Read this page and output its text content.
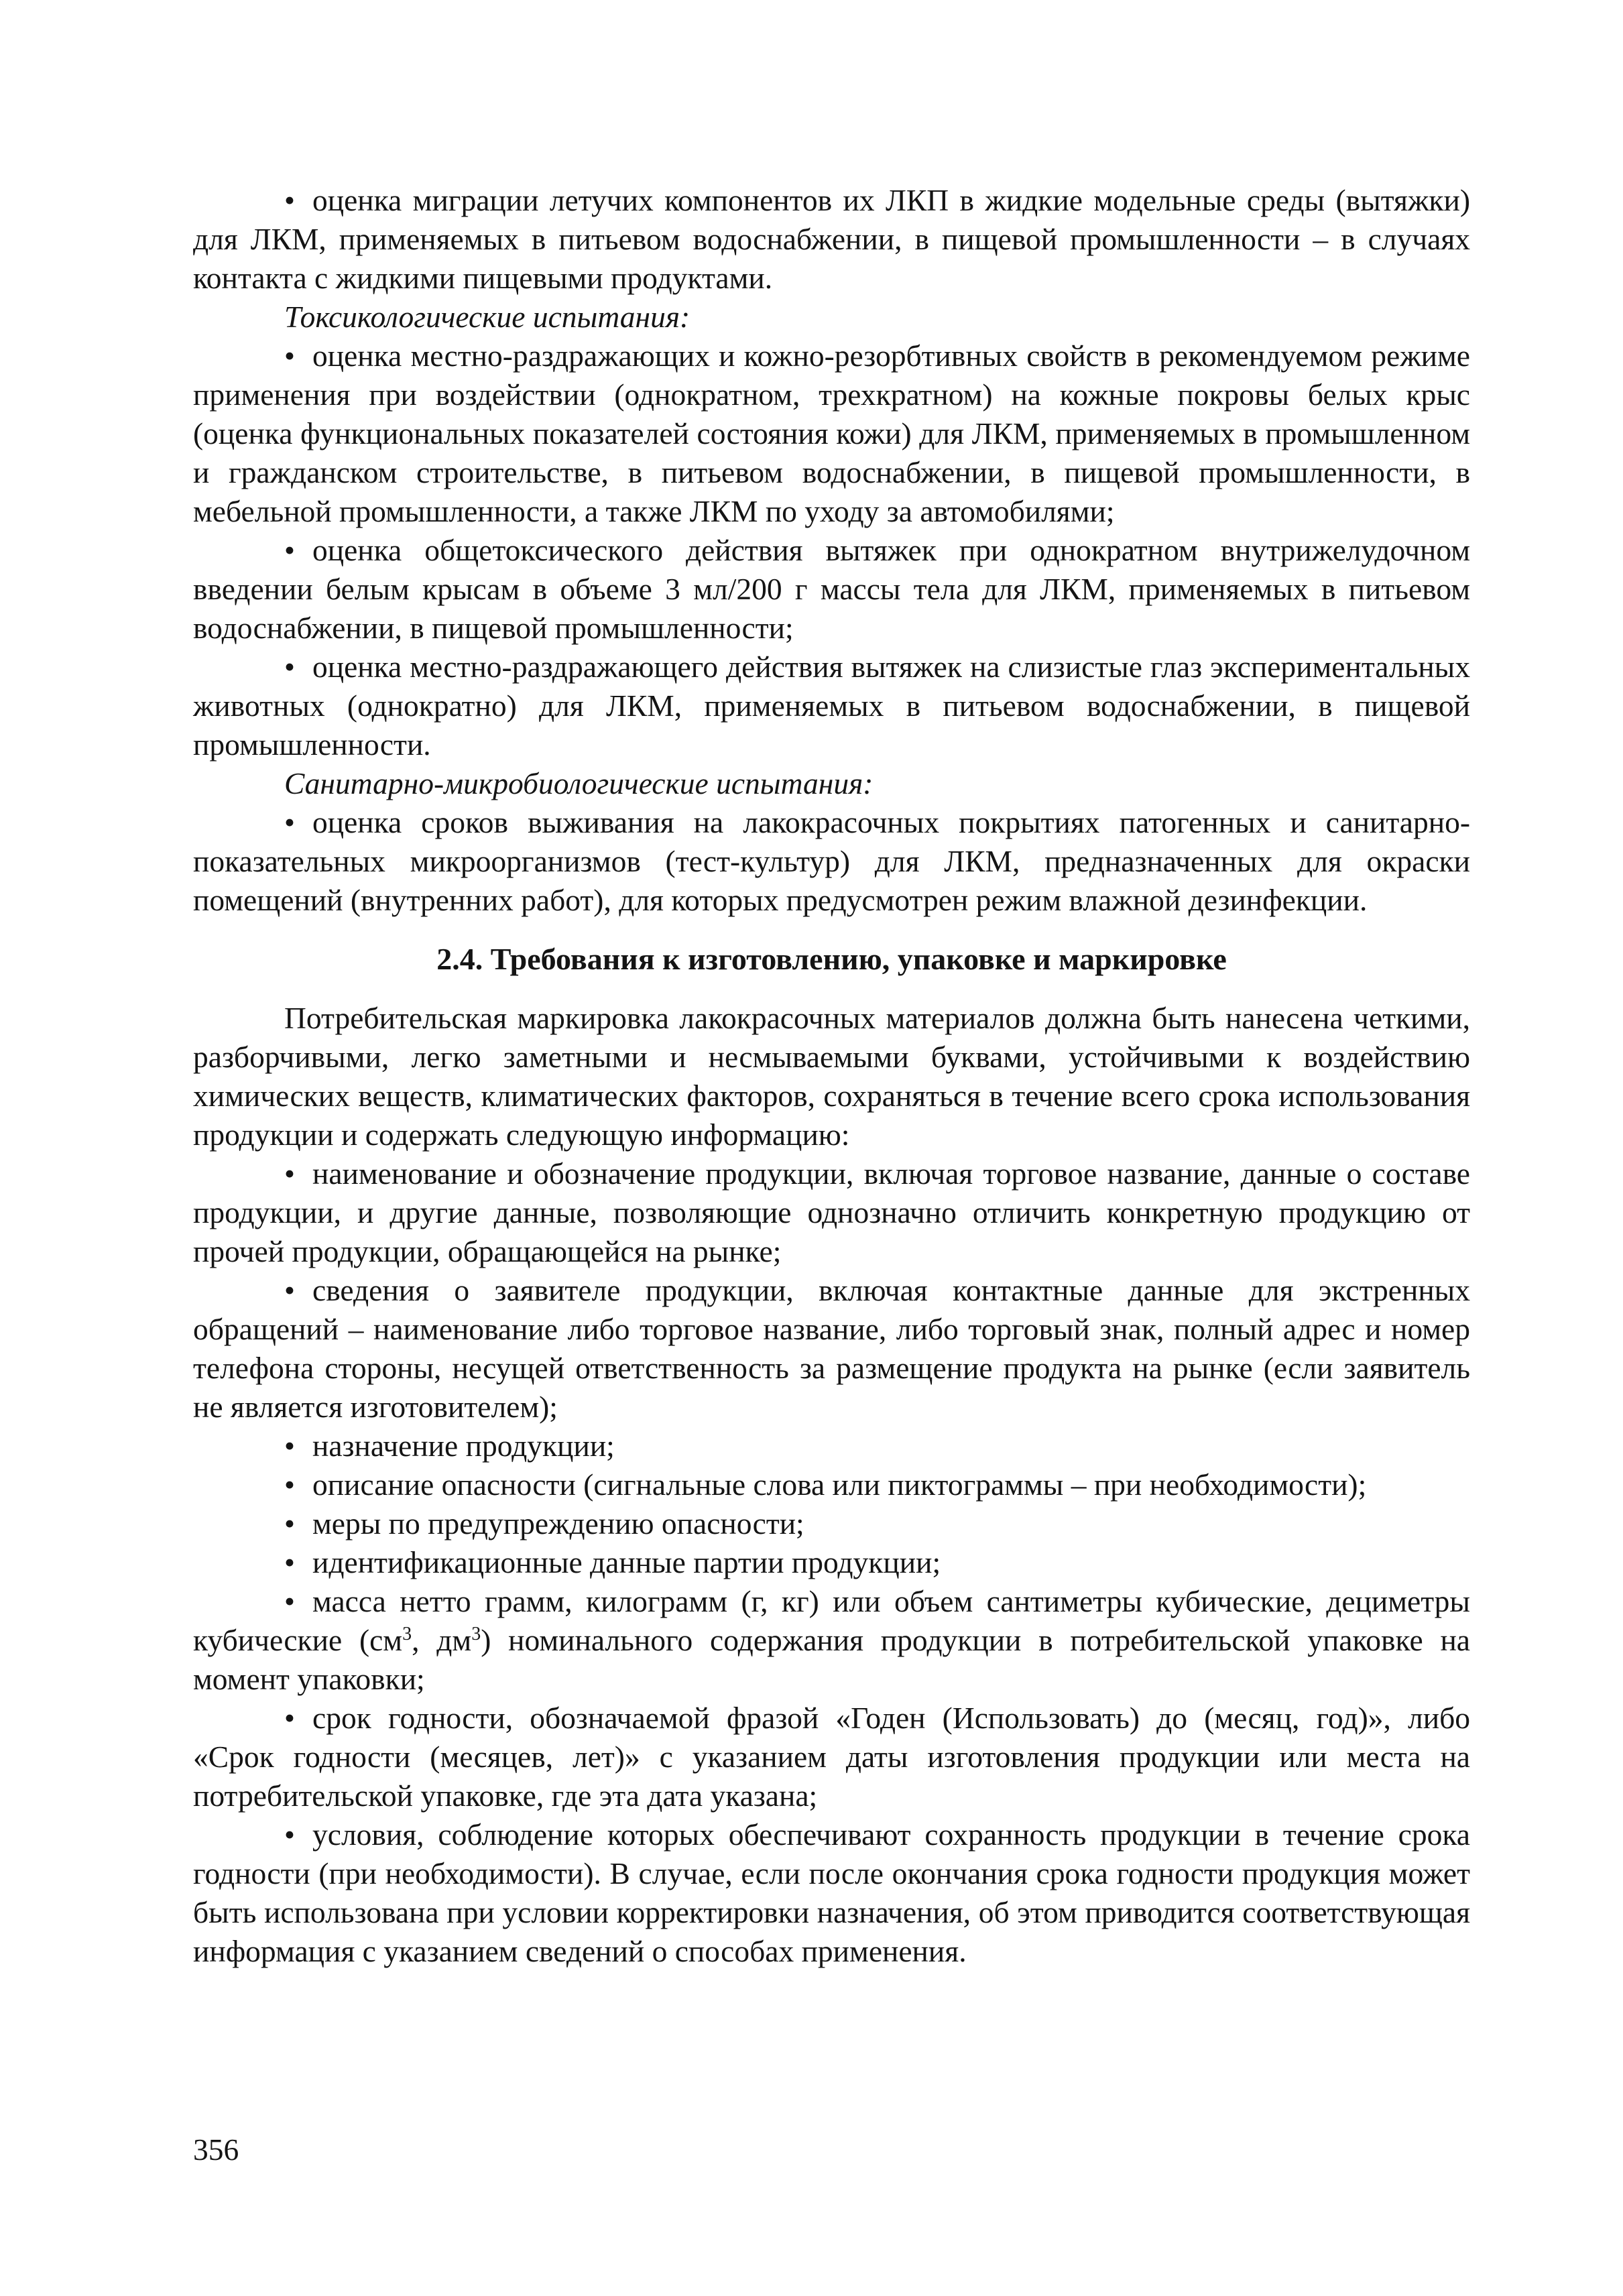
• оценка миграции летучих компонентов их ЛКП в жидкие модельные среды (вытяжки) для ЛКМ, применяемых в питьевом водоснабжении, в пищевой промышленности – в случаях контакта с жидкими пищевыми продуктами.

Токсикологические испытания:

• оценка местно-раздражающих и кожно-резорбтивных свойств в рекомендуемом режиме применения при воздействии (однократном, трехкратном) на кожные покровы белых крыс (оценка функциональных показателей состояния кожи) для ЛКМ, применяемых в промышленном и гражданском строительстве, в питьевом водоснабжении, в пищевой промышленности, в мебельной промышленности, а также ЛКМ по уходу за автомобилями;

• оценка общетоксического действия вытяжек при однократном внутрижелудочном введении белым крысам в объеме 3 мл/200 г массы тела для ЛКМ, применяемых в питьевом водоснабжении, в пищевой промышленности;

• оценка местно-раздражающего действия вытяжек на слизистые глаз экспериментальных животных (однократно) для ЛКМ, применяемых в питьевом водоснабжении, в пищевой промышленности.

Санитарно-микробиологические испытания:

• оценка сроков выживания на лакокрасочных покрытиях патогенных и санитарно-показательных микроорганизмов (тест-культур) для ЛКМ, предназначенных для окраски помещений (внутренних работ), для которых предусмотрен режим влажной дезинфекции.

2.4. Требования к изготовлению, упаковке и маркировке

Потребительская маркировка лакокрасочных материалов должна быть нанесена четкими, разборчивыми, легко заметными и несмываемыми буквами, устойчивыми к воздействию химических веществ, климатических факторов, сохраняться в течение всего срока использования продукции и содержать следующую информацию:

• наименование и обозначение продукции, включая торговое название, данные о составе продукции, и другие данные, позволяющие однозначно отличить конкретную продукцию от прочей продукции, обращающейся на рынке;

• сведения о заявителе продукции, включая контактные данные для экстренных обращений – наименование либо торговое название, либо торговый знак, полный адрес и номер телефона стороны, несущей ответственность за размещение продукта на рынке (если заявитель не является изготовителем);

• назначение продукции;

• описание опасности (сигнальные слова или пиктограммы – при необходимости);

• меры по предупреждению опасности;

• идентификационные данные партии продукции;

• масса нетто грамм, килограмм (г, кг) или объем сантиметры кубические, дециметры кубические ($см^3$, $дм^3$) номинального содержания продукции в потребительской упаковке на момент упаковки;

• срок годности, обозначаемой фразой «Годен (Использовать) до (месяц, год)», либо «Срок годности (месяцев, лет)» с указанием даты изготовления продукции или места на потребительской упаковке, где эта дата указана;

• условия, соблюдение которых обеспечивают сохранность продукции в течение срока годности (при необходимости). В случае, если после окончания срока годности продукция может быть использована при условии корректировки назначения, об этом приводится соответствующая информация с указанием сведений о способах применения.

356
